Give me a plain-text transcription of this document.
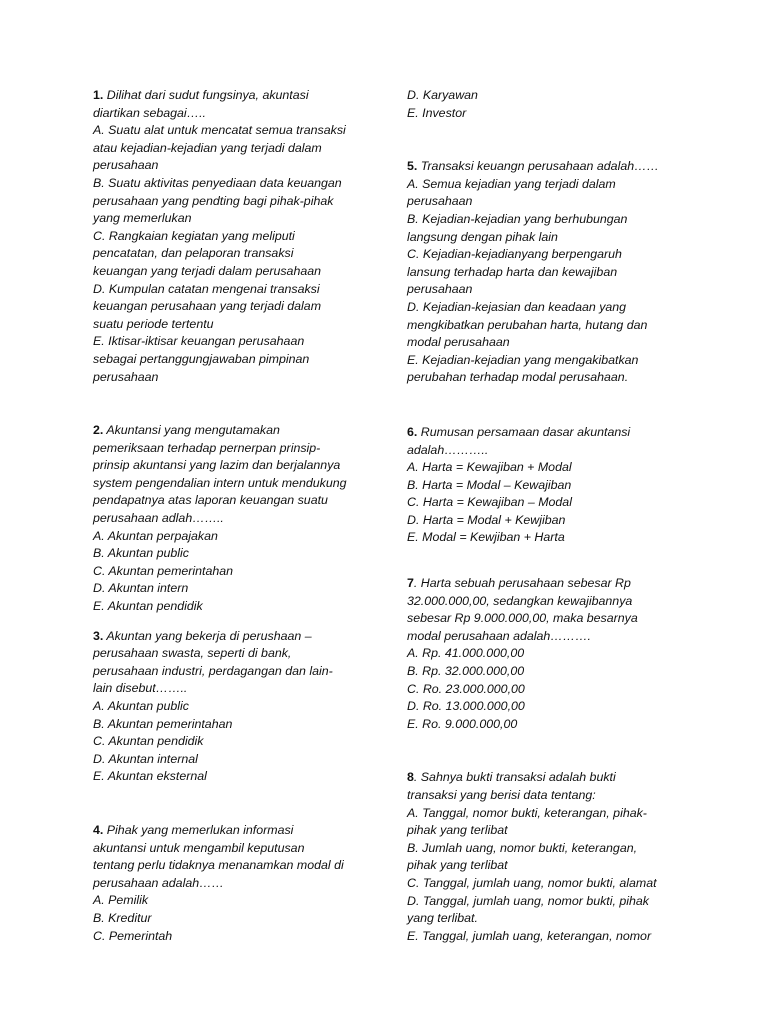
1. Dilihat dari sudut fungsinya, akuntasi
diartikan sebagai…..
A. Suatu alat untuk mencatat semua transaksi
atau kejadian-kejadian yang terjadi dalam
perusahaan
B. Suatu aktivitas penyediaan data keuangan
perusahaan yang pendting bagi pihak-pihak
yang memerlukan
C. Rangkaian kegiatan yang meliputi
pencatatan, dan pelaporan transaksi
keuangan yang terjadi dalam perusahaan
D. Kumpulan catatan mengenai transaksi
keuangan perusahaan yang terjadi dalam
suatu periode tertentu
E. Iktisar-iktisar keuangan perusahaan
sebagai pertanggungjawaban pimpinan
perusahaan
2. Akuntansi yang mengutamakan
pemeriksaan terhadap pernerpan prinsip-
prinsip akuntansi yang lazim dan berjalannya
system pengendalian intern untuk mendukung
pendapatnya atas laporan keuangan suatu
perusahaan adlah……..
A. Akuntan perpajakan
B. Akuntan public
C. Akuntan pemerintahan
D. Akuntan intern
E. Akuntan pendidik
3. Akuntan yang bekerja di perushaan –
perusahaan swasta, seperti di bank,
perusahaan industri, perdagangan dan lain-
lain disebut……..
A. Akuntan public
B. Akuntan pemerintahan
C. Akuntan pendidik
D. Akuntan internal
E. Akuntan eksternal
4. Pihak yang memerlukan informasi
akuntansi untuk mengambil keputusan
tentang perlu tidaknya menanamkan modal di
perusahaan adalah……
A. Pemilik
B. Kreditur
C. Pemerintah
D. Karyawan
E. Investor
5. Transaksi keuangn perusahaan adalah……
A. Semua kejadian yang terjadi dalam
perusahaan
B. Kejadian-kejadian yang berhubungan
langsung dengan pihak lain
C. Kejadian-kejadianyang berpengaruh
lansung terhadap harta dan kewajiban
perusahaan
D. Kejadian-kejasian dan keadaan yang
mengkibatkan perubahan harta, hutang dan
modal perusahaan
E. Kejadian-kejadian yang mengakibatkan
perubahan terhadap modal perusahaan.
6. Rumusan persamaan dasar akuntansi
adalah………..
A. Harta = Kewajiban + Modal
B. Harta = Modal – Kewajiban
C. Harta = Kewajiban – Modal
D. Harta = Modal + Kewjiban
E. Modal = Kewjiban + Harta
7. Harta sebuah perusahaan sebesar Rp
32.000.000,00, sedangkan kewajibannya
sebesar Rp 9.000.000,00, maka besarnya
modal perusahaan adalah……….
A. Rp. 41.000.000,00
B. Rp. 32.000.000,00
C. Ro. 23.000.000,00
D. Ro. 13.000.000,00
E. Ro. 9.000.000,00
8. Sahnya bukti transaksi adalah bukti
transaksi yang berisi data tentang:
A. Tanggal, nomor bukti, keterangan, pihak-
pihak yang terlibat
B. Jumlah uang, nomor bukti, keterangan,
pihak yang terlibat
C. Tanggal, jumlah uang, nomor bukti, alamat
D. Tanggal, jumlah uang, nomor bukti, pihak
yang terlibat.
E. Tanggal, jumlah uang, keterangan, nomor
